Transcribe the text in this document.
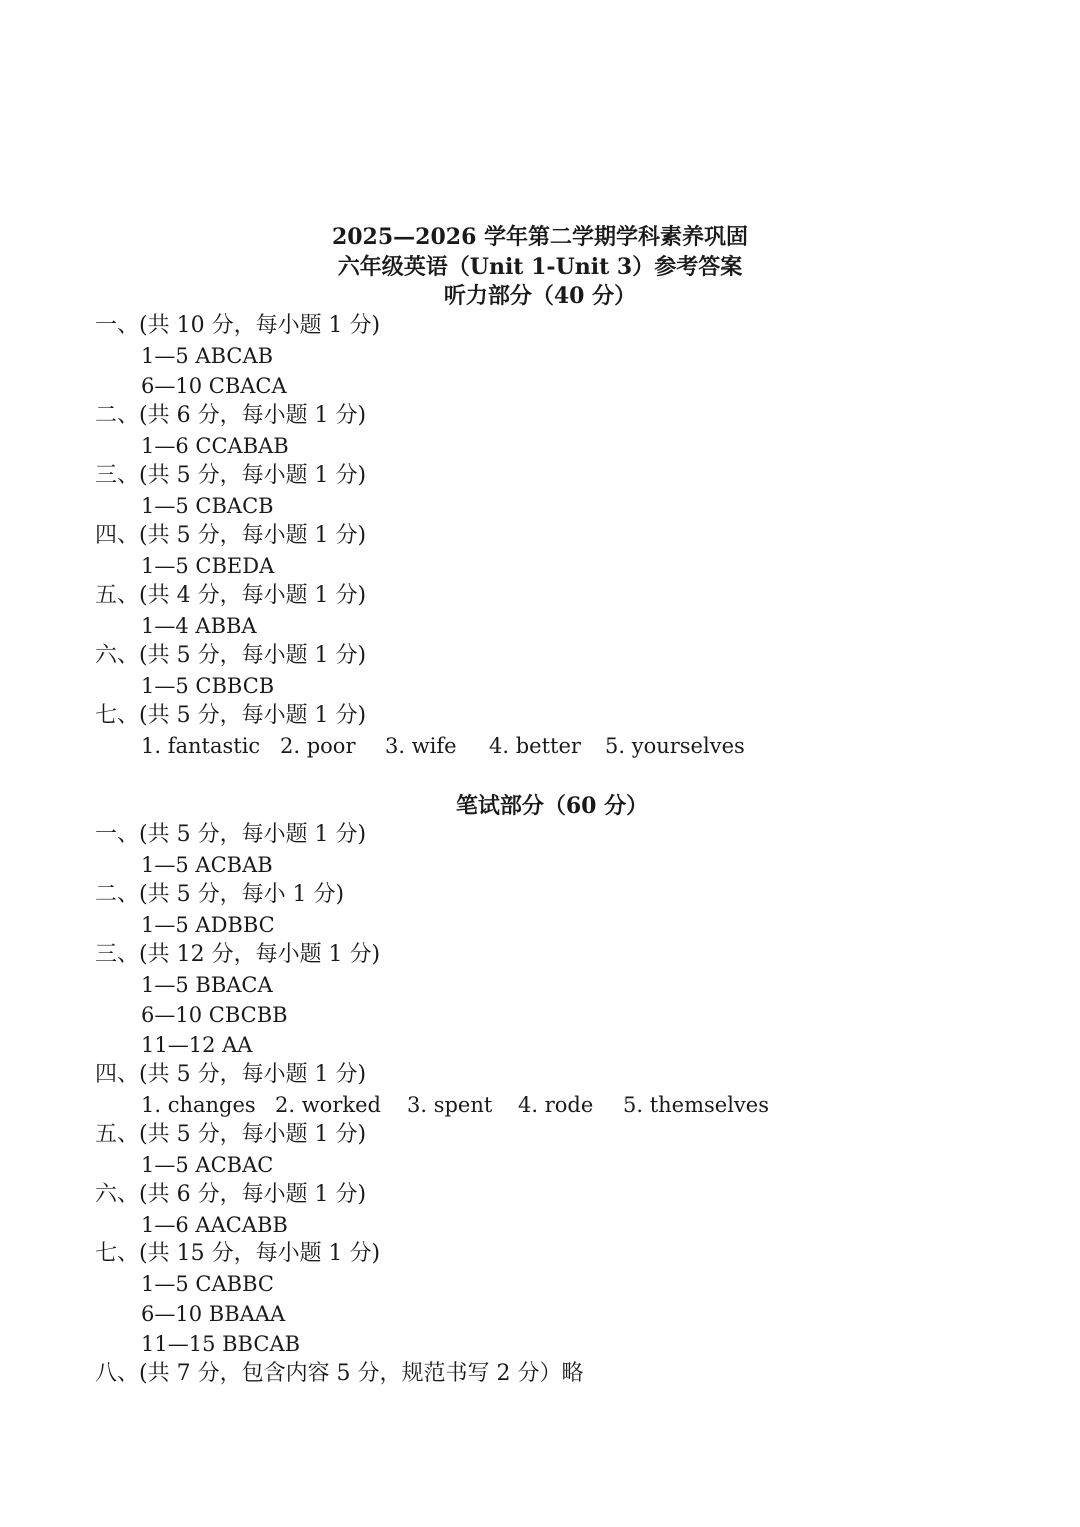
2025—2026 学年第二学期学科素养巩固
六年级英语（Unit 1-Unit 3）参考答案
听力部分（40 分）
一、(共 10 分，每小题 1 分)
1—5 ABCAB
6—10 CBACA
二、(共 6 分，每小题 1 分)
1—6 CCABAB
三、(共 5 分，每小题 1 分)
1—5 CBACB
四、(共 5 分，每小题 1 分)
1—5 CBEDA
五、(共 4 分，每小题 1 分)
1—4 ABBA
六、(共 5 分，每小题 1 分)
1—5 CBBCB
七、(共 5 分，每小题 1 分)
1. fantastic 2. poor 3. wife 4. better 5. yourselves
笔试部分（60 分）
一、(共 5 分，每小题 1 分)
1—5 ACBAB
二、(共 5 分，每小 1 分)
1—5 ADBBC
三、(共 12 分，每小题 1 分)
1—5 BBACA
6—10 CBCBB
11—12 AA
四、(共 5 分，每小题 1 分)
1. changes 2. worked 3. spent 4. rode 5. themselves
五、(共 5 分，每小题 1 分)
1—5 ACBAC
六、(共 6 分，每小题 1 分)
1—6 AACABB
七、(共 15 分，每小题 1 分)
1—5 CABBC
6—10 BBAAA
11—15 BBCAB
八、(共 7 分，包含内容 5 分，规范书写 2 分）略
